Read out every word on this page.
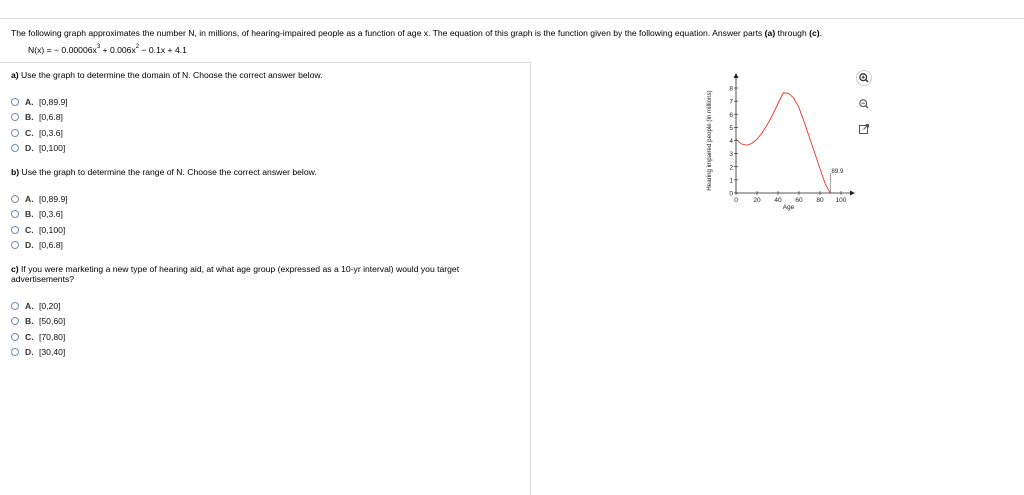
The following graph approximates the number N, in millions, of hearing-impaired people as a function of age x. The equation of this graph is the function given by the following equation. Answer parts (a) through (c).
N(x) = − $0.00006x^3 + 0.006x^2 - 0.1x + 4.1$
a) Use the graph to determine the domain of N. Choose the correct answer below.
A. [0,89.9]
B. [0,6.8]
C. [0,3.6]
D. [0,100]
b) Use the graph to determine the range of N. Choose the correct answer below.
A. [0,89.9]
B. [0,3.6]
C. [0,100]
D. [0,6.8]
c) If you were marketing a new type of hearing aid, at what age group (expressed as a 10-yr interval) would you target
advertisements?
A. [0,20]
B. [50,60]
C. [70,80]
D. [30,40]
0
1
2
3
4
5
6
7
8
0 20 40 60 80 100
Age
Hearing impaired people (in millions)	89.9
